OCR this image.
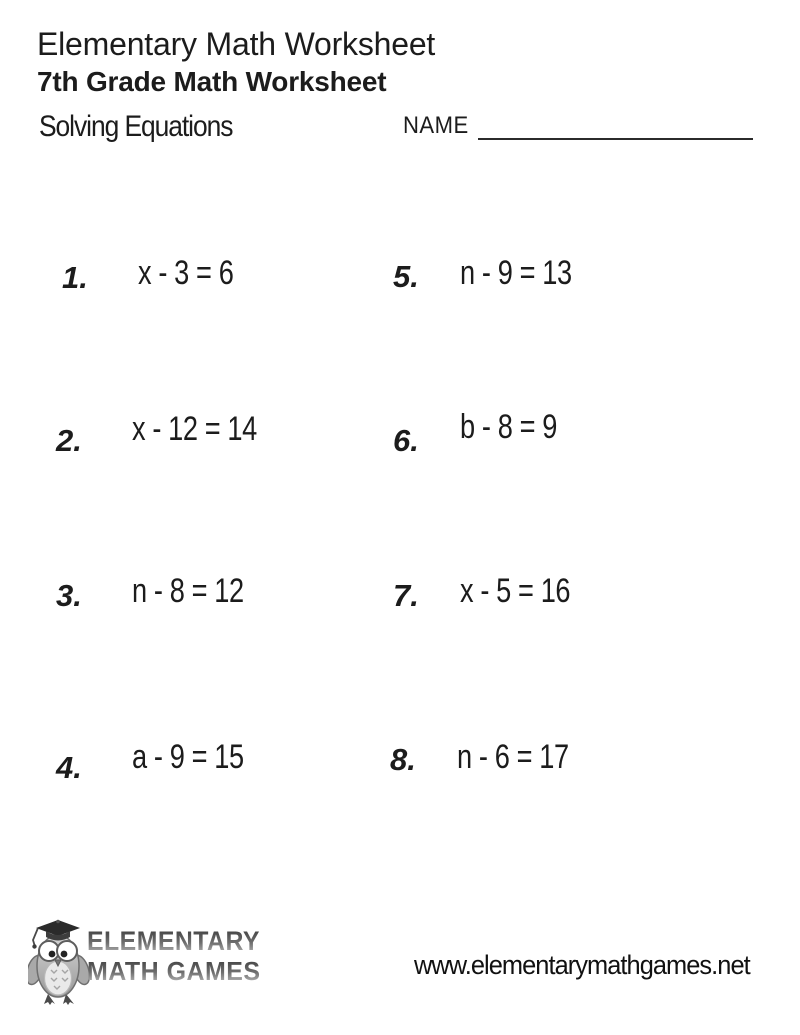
Elementary Math Worksheet
7th Grade Math Worksheet
Solving Equations	NAME
1.	x - 3 = 6	5.	n - 9 = 13
2.	x - 12 = 14	6.	b - 8 = 9
3.	n - 8 = 12	7.	x - 5 = 16
4.	a - 9 = 15	8.	n - 6 = 17
ELEMENTARY
MATH GAMES	www.elementarymathgames.net
